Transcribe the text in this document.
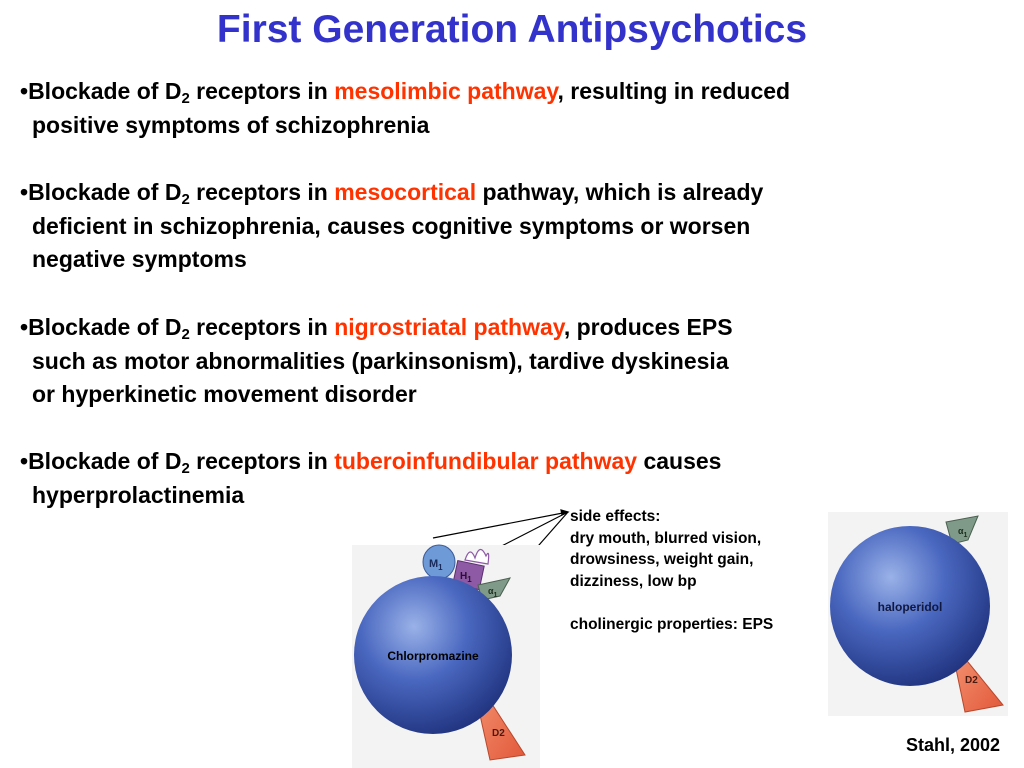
First Generation Antipsychotics
•Blockade of $D_2$ receptors in mesolimbic pathway, resulting in reduced
positive symptoms of schizophrenia
•Blockade of $D_2$ receptors in mesocortical pathway, which is already
deficient in schizophrenia, causes cognitive symptoms or worsen
negative symptoms
•Blockade of $D_2$ receptors in nigrostriatal pathway, produces EPS
such as motor abnormalities (parkinsonism), tardive dyskinesia
or hyperkinetic movement disorder
•Blockade of $D_2$ receptors in tuberoinfundibular pathway causes
hyperprolactinemia
D2
$M_1$
$H_1$
$\alpha_1$
Chlorpromazine
$\alpha_1$
D2
haloperidol
side effects:
dry mouth, blurred vision,
drowsiness, weight gain,
dizziness, low bp
cholinergic properties: EPS
Stahl, 2002
